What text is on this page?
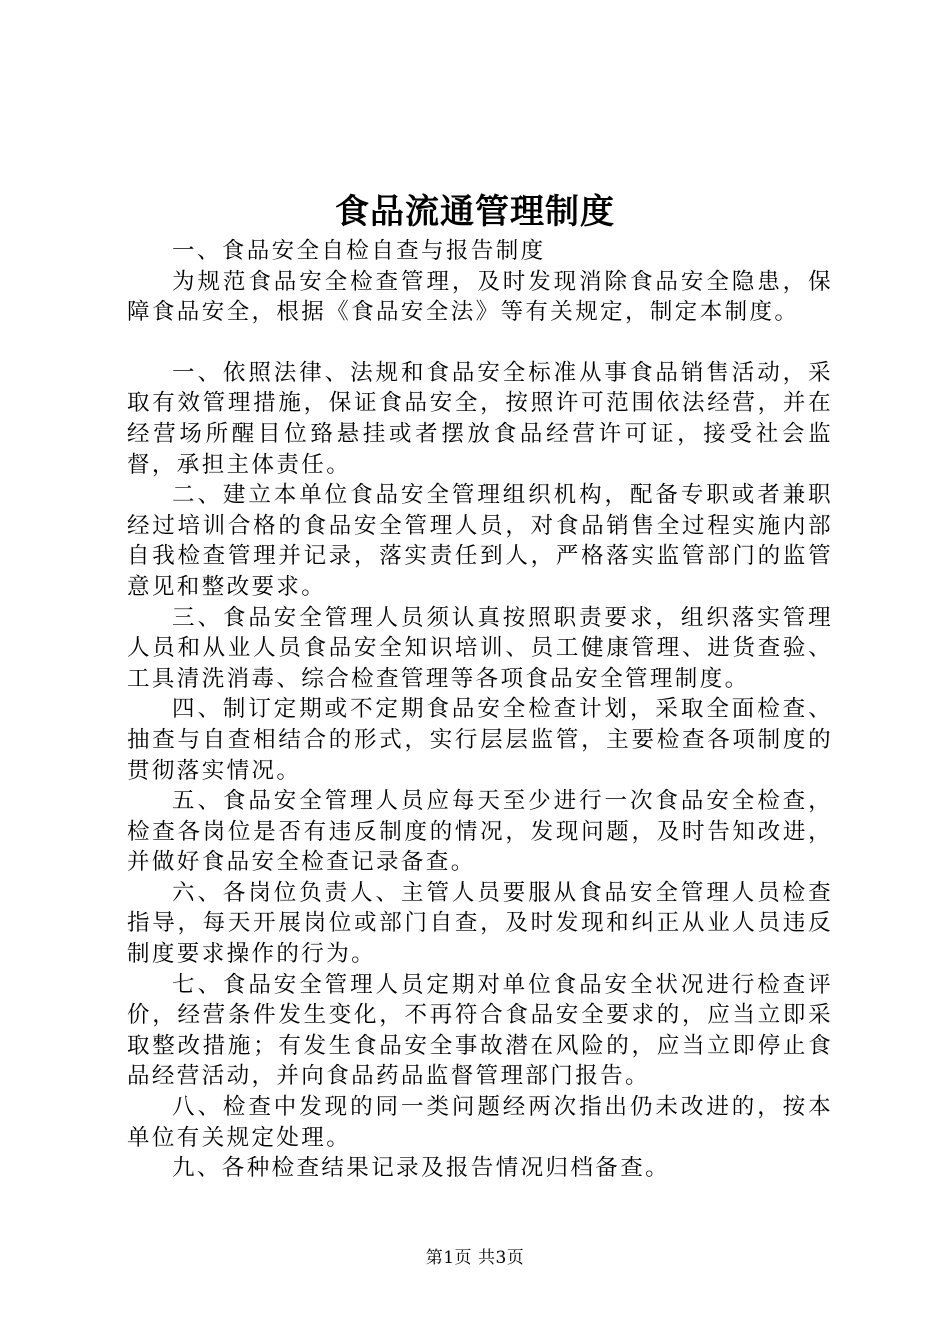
食品流通管理制度

一、食品安全自检自查与报告制度

为规范食品安全检查管理，及时发现消除食品安全隐患，保障食品安全，根据《食品安全法》等有关规定，制定本制度。

一、依照法律、法规和食品安全标准从事食品销售活动，采取有效管理措施，保证食品安全，按照许可范围依法经营，并在经营场所醒目位臵悬挂或者摆放食品经营许可证，接受社会监督，承担主体责任。

二、建立本单位食品安全管理组织机构，配备专职或者兼职经过培训合格的食品安全管理人员，对食品销售全过程实施内部自我检查管理并记录，落实责任到人，严格落实监管部门的监管意见和整改要求。

三、食品安全管理人员须认真按照职责要求，组织落实管理人员和从业人员食品安全知识培训、员工健康管理、进货查验、工具清洗消毒、综合检查管理等各项食品安全管理制度。

四、制订定期或不定期食品安全检查计划，采取全面检查、抽查与自查相结合的形式，实行层层监管，主要检查各项制度的贯彻落实情况。

五、食品安全管理人员应每天至少进行一次食品安全检查，检查各岗位是否有违反制度的情况，发现问题，及时告知改进，并做好食品安全检查记录备查。

六、各岗位负责人、主管人员要服从食品安全管理人员检查指导，每天开展岗位或部门自查，及时发现和纠正从业人员违反制度要求操作的行为。

七、食品安全管理人员定期对单位食品安全状况进行检查评价，经营条件发生变化，不再符合食品安全要求的，应当立即采取整改措施；有发生食品安全事故潜在风险的，应当立即停止食品经营活动，并向食品药品监督管理部门报告。

八、检查中发现的同一类问题经两次指出仍未改进的，按本单位有关规定处理。

九、各种检查结果记录及报告情况归档备查。

第1页 共3页
